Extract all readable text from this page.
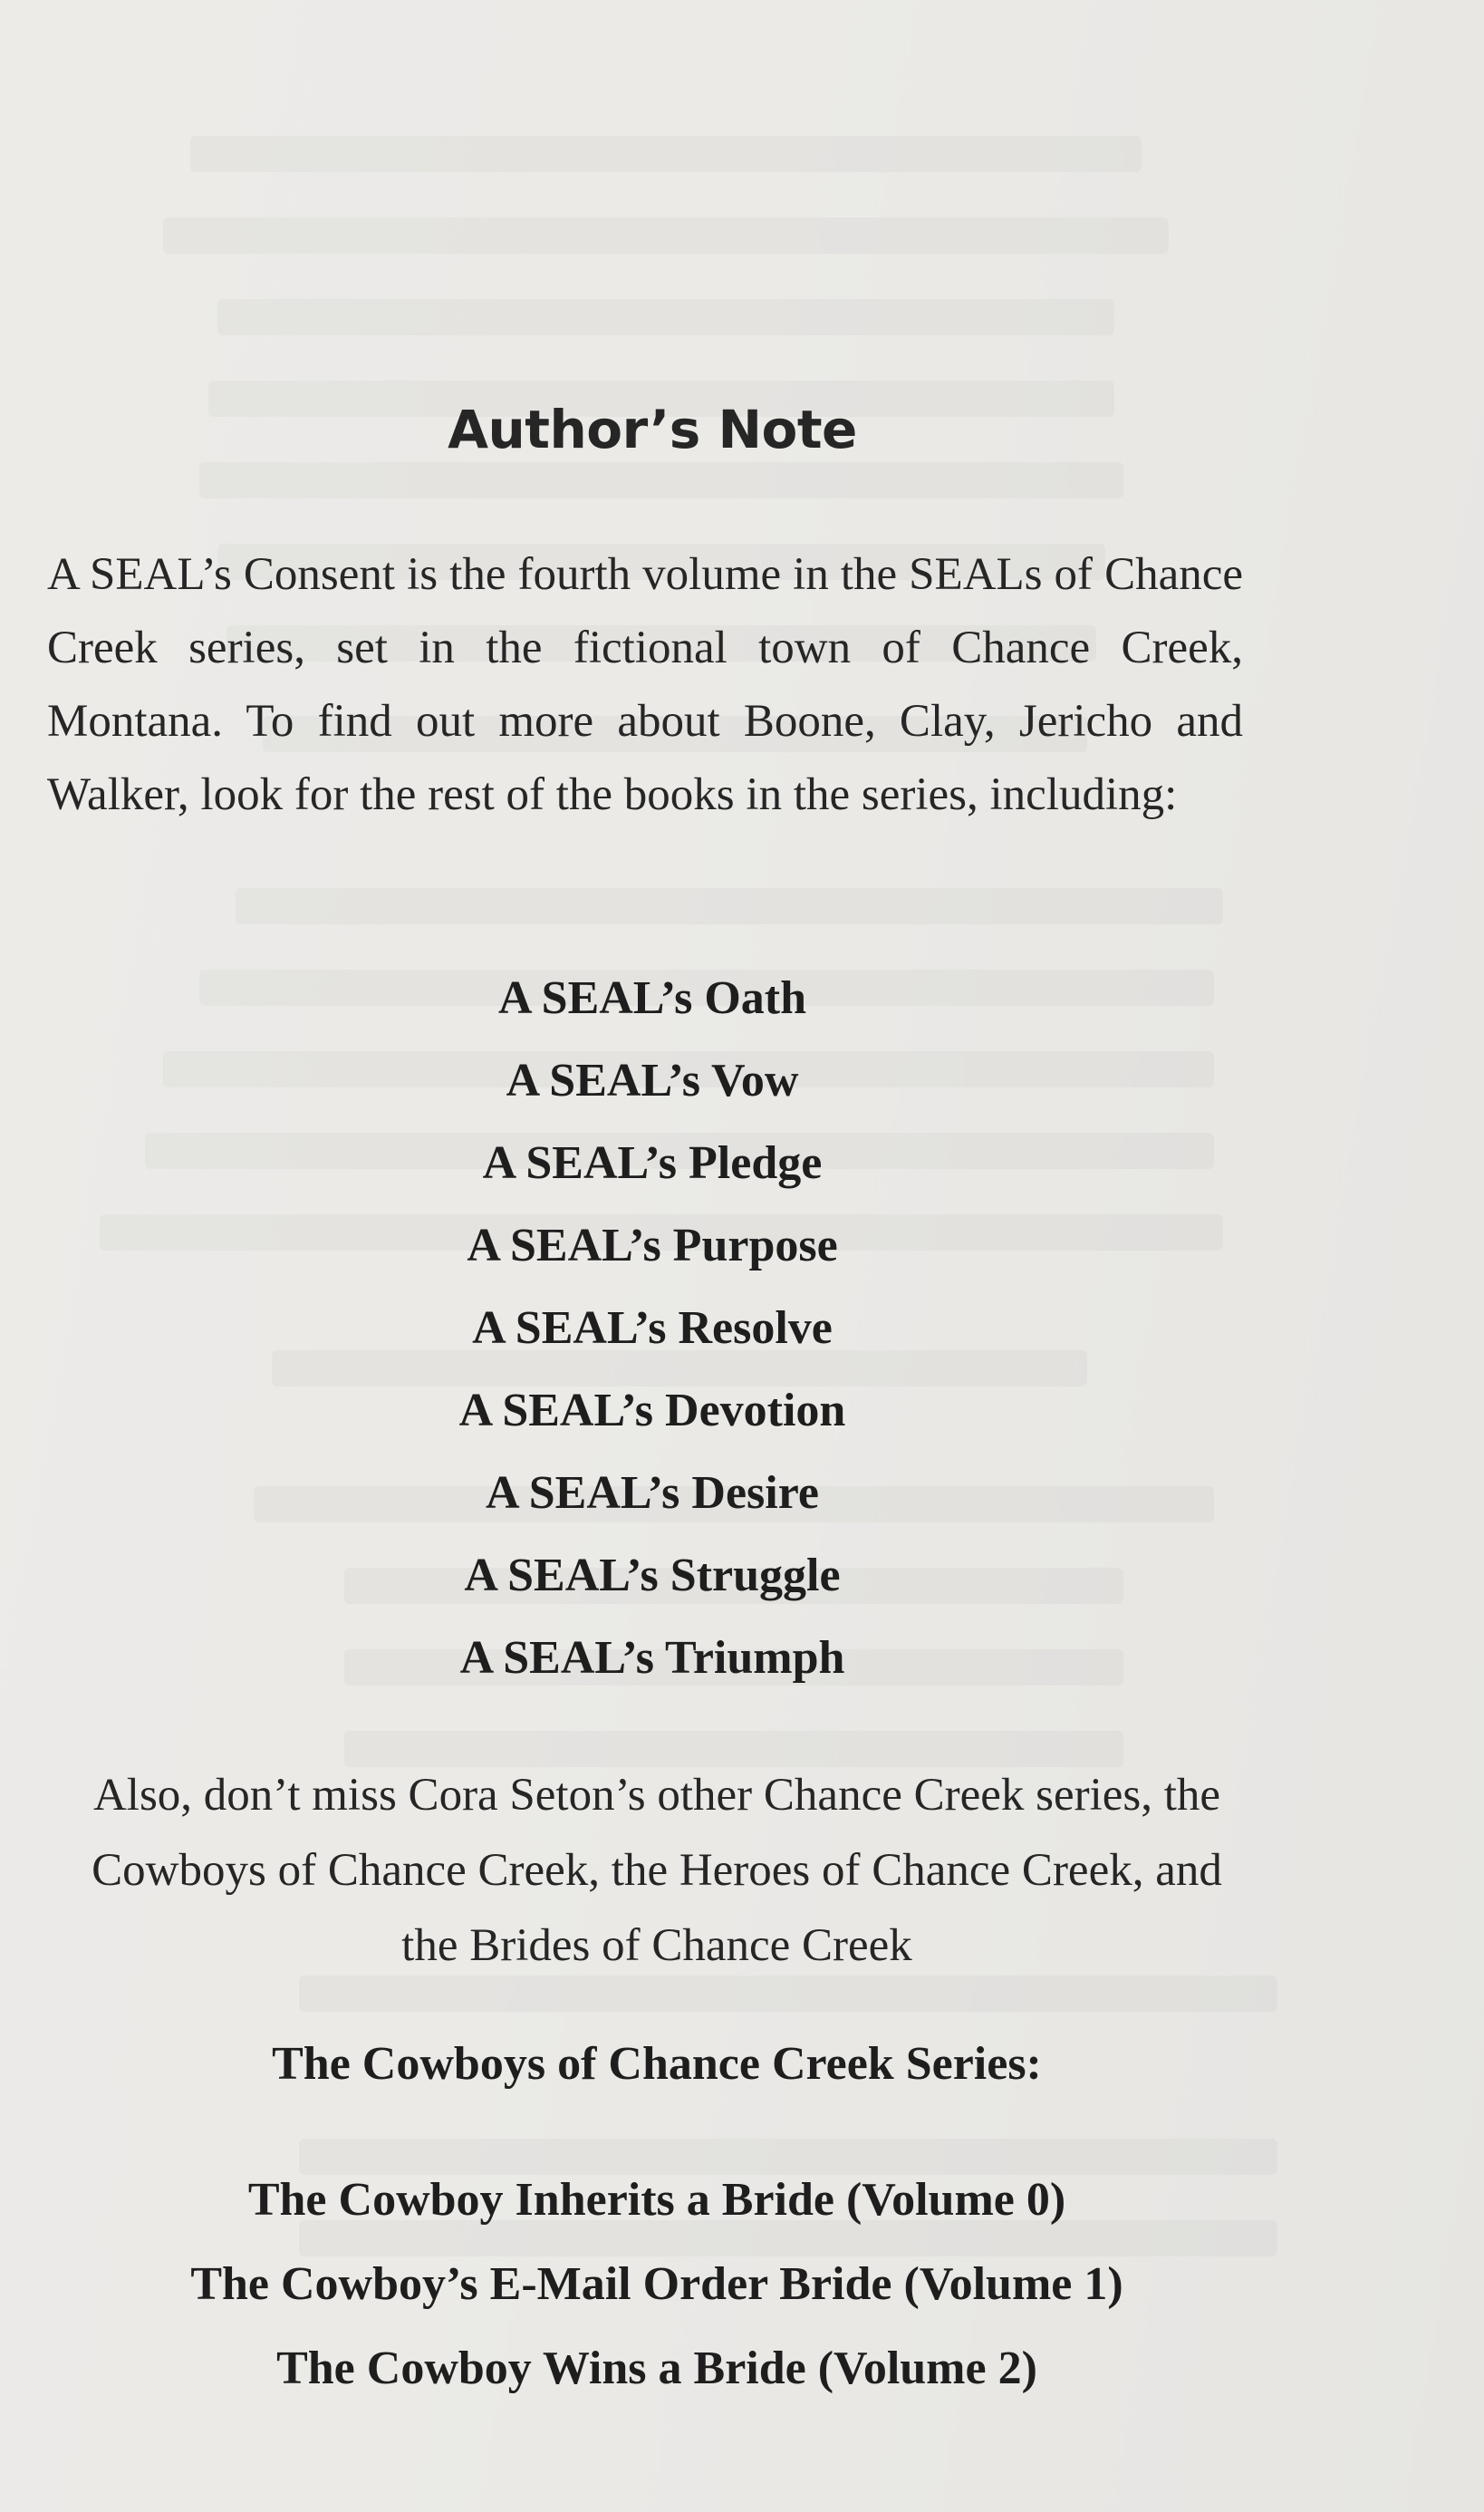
Author’s Note

A SEAL’s Consent is the fourth volume in the SEALs of Chance Creek series, set in the fictional town of Chance Creek, Montana. To find out more about Boone, Clay, Jericho and Walker, look for the rest of the books in the series, including:

A SEAL’s Oath
A SEAL’s Vow
A SEAL’s Pledge
A SEAL’s Purpose
A SEAL’s Resolve
A SEAL’s Devotion
A SEAL’s Desire
A SEAL’s Struggle
A SEAL’s Triumph

Also, don’t miss Cora Seton’s other Chance Creek series, the Cowboys of Chance Creek, the Heroes of Chance Creek, and the Brides of Chance Creek

The Cowboys of Chance Creek Series:
The Cowboy Inherits a Bride (Volume 0)
The Cowboy’s E-Mail Order Bride (Volume 1)
The Cowboy Wins a Bride (Volume 2)
